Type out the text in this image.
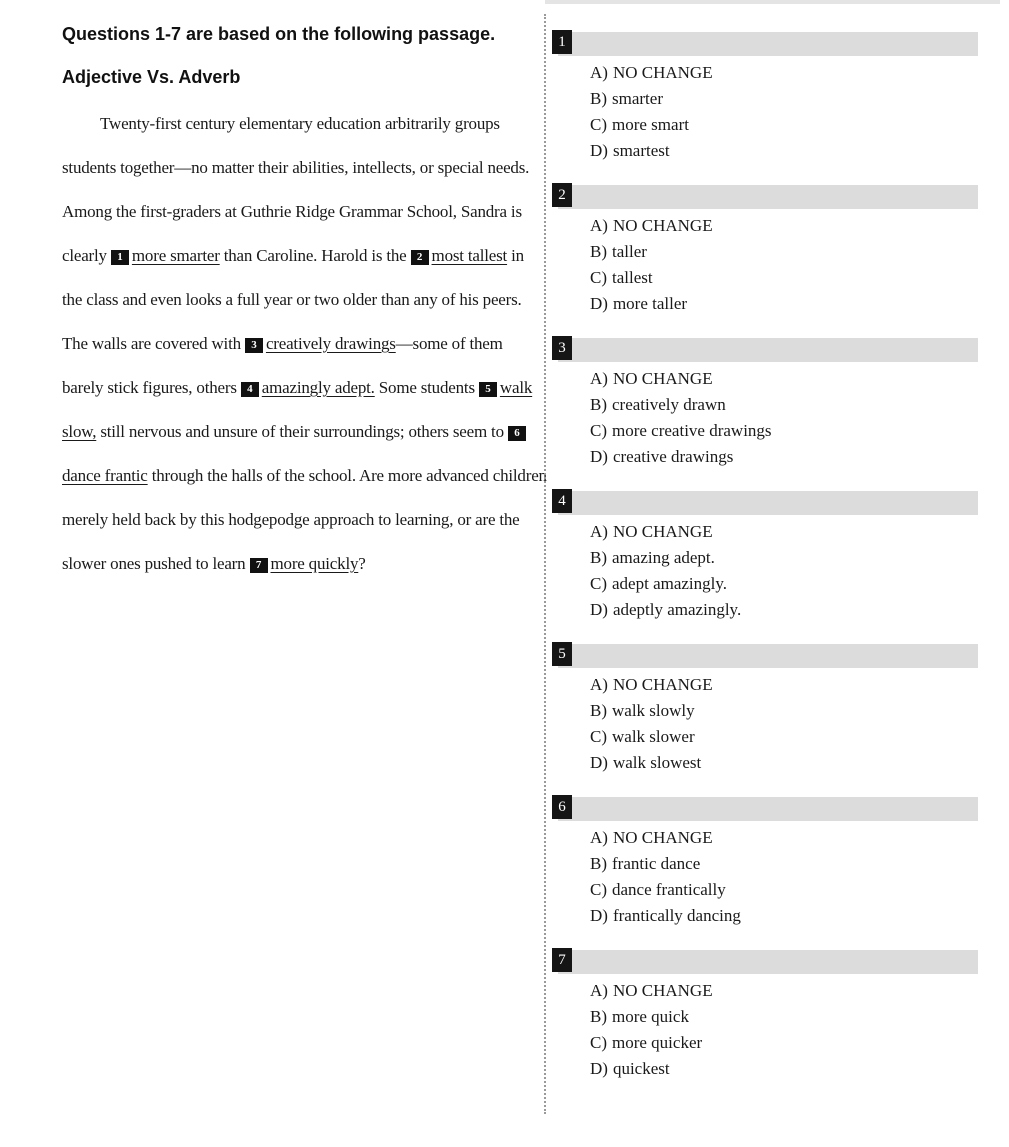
Questions 1-7 are based on the following passage.
Adjective Vs. Adverb

Twenty-first century elementary education arbitrarily groups students together—no matter their abilities, intellects, or special needs. Among the first-graders at Guthrie Ridge Grammar School, Sandra is clearly 1 more smarter than Caroline. Harold is the 2 most tallest in the class and even looks a full year or two older than any of his peers. The walls are covered with 3 creatively drawings—some of them barely stick figures, others 4 amazingly adept. Some students 5 walk slow, still nervous and unsure of their surroundings; others seem to 6dance frantic through the halls of the school. Are more advanced children merely held back by this hodgepodge approach to learning, or are the slower ones pushed to learn 7 more quickly?

1
A) NO CHANGE
B) smarter
C) more smart
D) smartest
2
A) NO CHANGE
B) taller
C) tallest
D) more taller
3
A) NO CHANGE
B) creatively drawn
C) more creative drawings
D) creative drawings
4
A) NO CHANGE
B) amazing adept.
C) adept amazingly.
D) adeptly amazingly.
5
A) NO CHANGE
B) walk slowly
C) walk slower
D) walk slowest
6
A) NO CHANGE
B) frantic dance
C) dance frantically
D) frantically dancing
7
A) NO CHANGE
B) more quick
C) more quicker
D) quickest
